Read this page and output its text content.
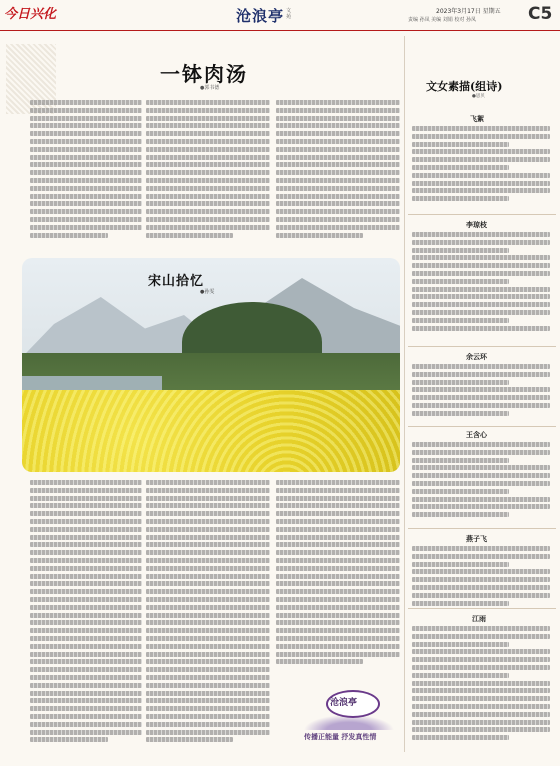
今日兴化	沧浪亭 文苑
2023年3月17日 星期五
责编 孙凤 美编 刘娟 校对 孙凤	C5
一钵肉汤
●郭书德
宋山拾忆
●孙雯
沧浪亭
传播正能量 抒发真性情
文女素描(组诗)
●思贝
飞絮
李琼枝
余云环
王含心
燕子飞
江雨
